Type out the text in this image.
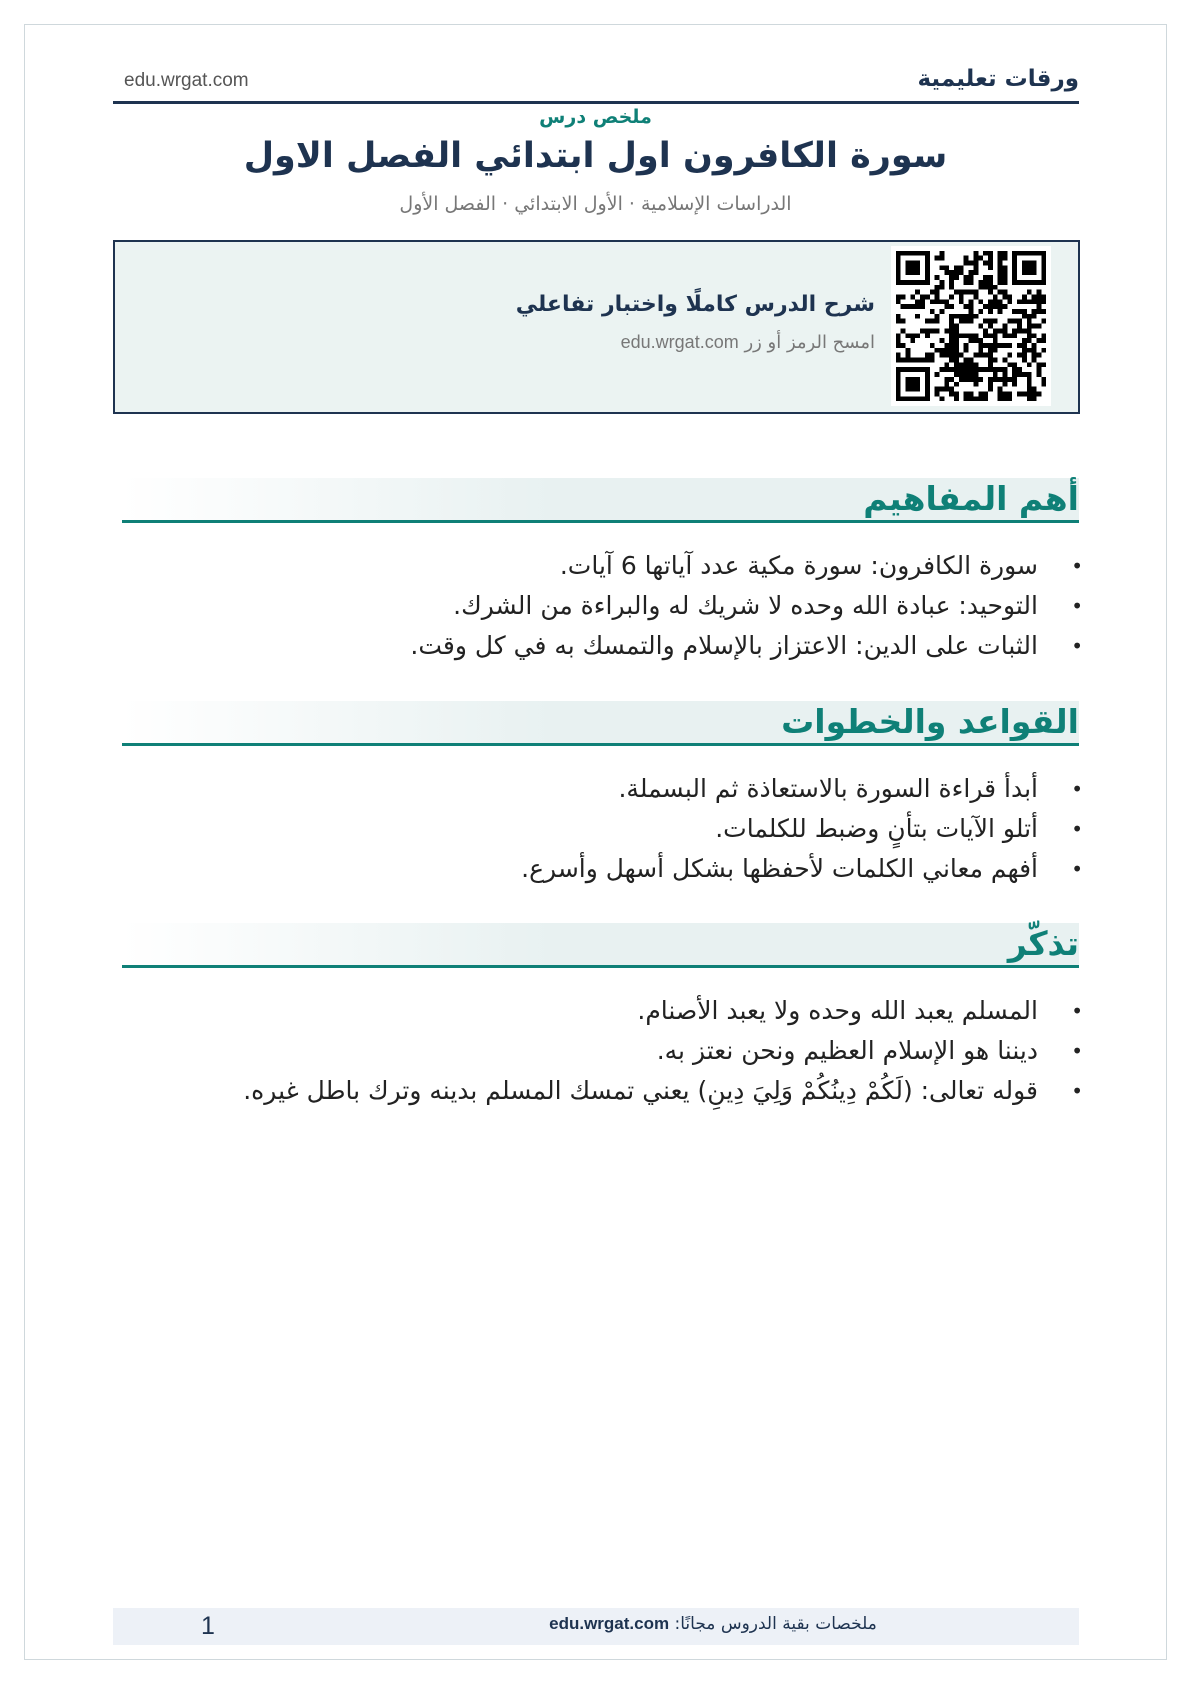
ورقات تعليمية
edu.wrgat.com
ملخص درس
سورة الكافرون اول ابتدائي الفصل الاول
الدراسات الإسلامية · الأول الابتدائي · الفصل الأول
شرح الدرس كاملًا واختبار تفاعلي
امسح الرمز أو زر edu.wrgat.com
أهم المفاهيم
• سورة الكافرون: سورة مكية عدد آياتها 6 آيات.
• التوحيد: عبادة الله وحده لا شريك له والبراءة من الشرك.
• الثبات على الدين: الاعتزاز بالإسلام والتمسك به في كل وقت.
القواعد والخطوات
• أبدأ قراءة السورة بالاستعاذة ثم البسملة.
• أتلو الآيات بتأنٍ وضبط للكلمات.
• أفهم معاني الكلمات لأحفظها بشكل أسهل وأسرع.
تذكّر
• المسلم يعبد الله وحده ولا يعبد الأصنام.
• ديننا هو الإسلام العظيم ونحن نعتز به.
• قوله تعالى: (لَكُمْ دِينُكُمْ وَلِيَ دِينِ) يعني تمسك المسلم بدينه وترك باطل غيره.
1	ملخصات بقية الدروس مجانًا: edu.wrgat.com
